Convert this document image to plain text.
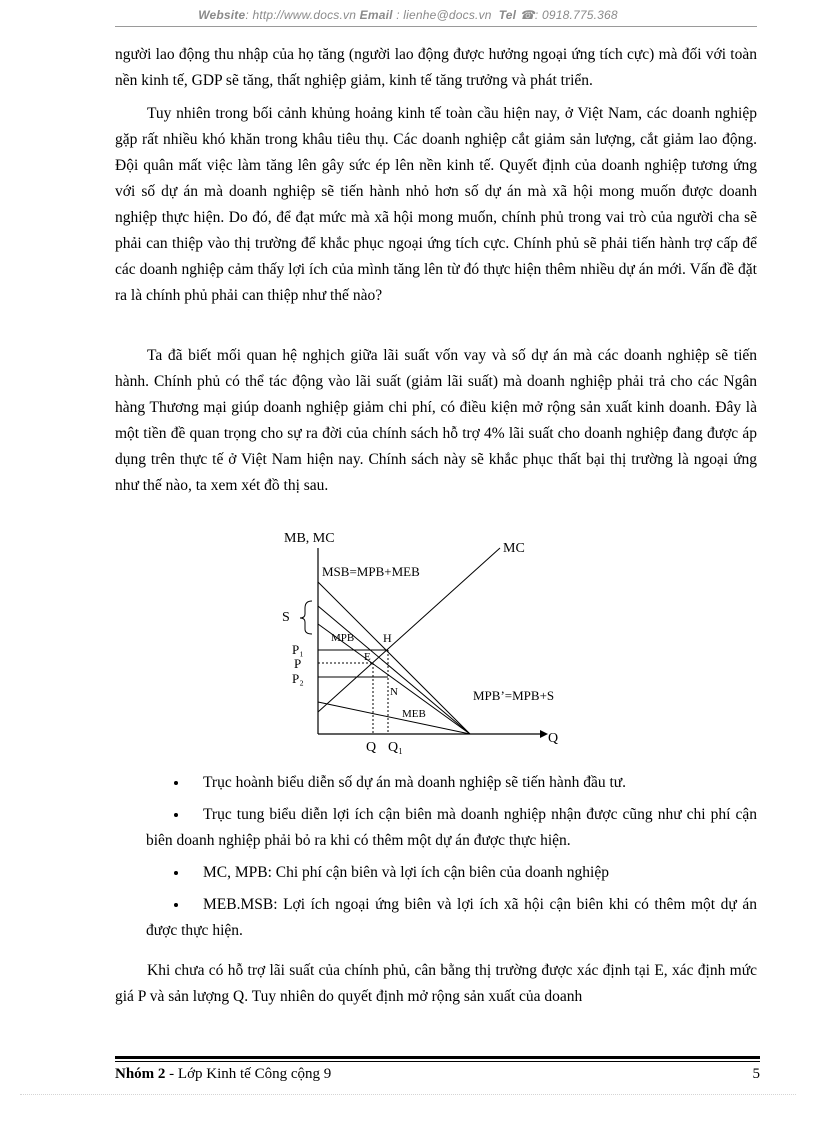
Website: http://www.docs.vn Email : lienhe@docs.vn Tel ☎: 0918.775.368

người lao động thu nhập của họ tăng (người lao động được hưởng ngoại ứng tích cực) mà đối với toàn nền kinh tế, GDP sẽ tăng, thất nghiệp giảm, kinh tế tăng trưởng và phát triển.

Tuy nhiên trong bối cảnh khủng hoảng kinh tế toàn cầu hiện nay, ở Việt Nam, các doanh nghiệp gặp rất nhiều khó khăn trong khâu tiêu thụ. Các doanh nghiệp cắt giảm sản lượng, cắt giảm lao động. Đội quân mất việc làm tăng lên gây sức ép lên nền kinh tế. Quyết định của doanh nghiệp tương ứng với số dự án mà doanh nghiệp sẽ tiến hành nhỏ hơn số dự án mà xã hội mong muốn được doanh nghiệp thực hiện. Do đó, để đạt mức mà xã hội mong muốn, chính phủ trong vai trò của người cha sẽ phải can thiệp vào thị trường để khắc phục ngoại ứng tích cực. Chính phủ sẽ phải tiến hành trợ cấp để các doanh nghiệp cảm thấy lợi ích của mình tăng lên từ đó thực hiện thêm nhiều dự án mới. Vấn đề đặt ra là chính phủ phải can thiệp như thế nào?

Ta đã biết mối quan hệ nghịch giữa lãi suất vốn vay và số dự án mà các doanh nghiệp sẽ tiến hành. Chính phủ có thể tác động vào lãi suất (giảm lãi suất) mà doanh nghiệp phải trả cho các Ngân hàng Thương mại giúp doanh nghiệp giảm chi phí, có điều kiện mở rộng sản xuất kinh doanh. Đây là một tiền đề quan trọng cho sự ra đời của chính sách hỗ trợ 4% lãi suất cho doanh nghiệp đang được áp dụng trên thực tế ở Việt Nam hiện nay. Chính sách này sẽ khắc phục thất bại thị trường là ngoại ứng như thế nào, ta xem xét đồ thị sau.

MB, MC
Q
MC
MSB=MPB+MEB
MPB
MPB’=MPB+S
MEB
S
H
E
N
P₁
P
P₂
Q Q₁
Trục hoành biểu diễn số dự án mà doanh nghiệp sẽ tiến hành đầu tư.
Trục tung biểu diễn lợi ích cận biên mà doanh nghiệp nhận được cũng như chi phí cận biên doanh nghiệp phải bỏ ra khi có thêm một dự án được thực hiện.
MC, MPB: Chi phí cận biên và lợi ích cận biên của doanh nghiệp
MEB.MSB: Lợi ích ngoại ứng biên và lợi ích xã hội cận biên khi có thêm một dự án được thực hiện.

Khi chưa có hỗ trợ lãi suất của chính phủ, cân bằng thị trường được xác định tại E, xác định mức giá P và sản lượng Q. Tuy nhiên do quyết định mở rộng sản xuất của doanh

Nhóm 2 - Lớp Kinh tế Công cộng 9	5
